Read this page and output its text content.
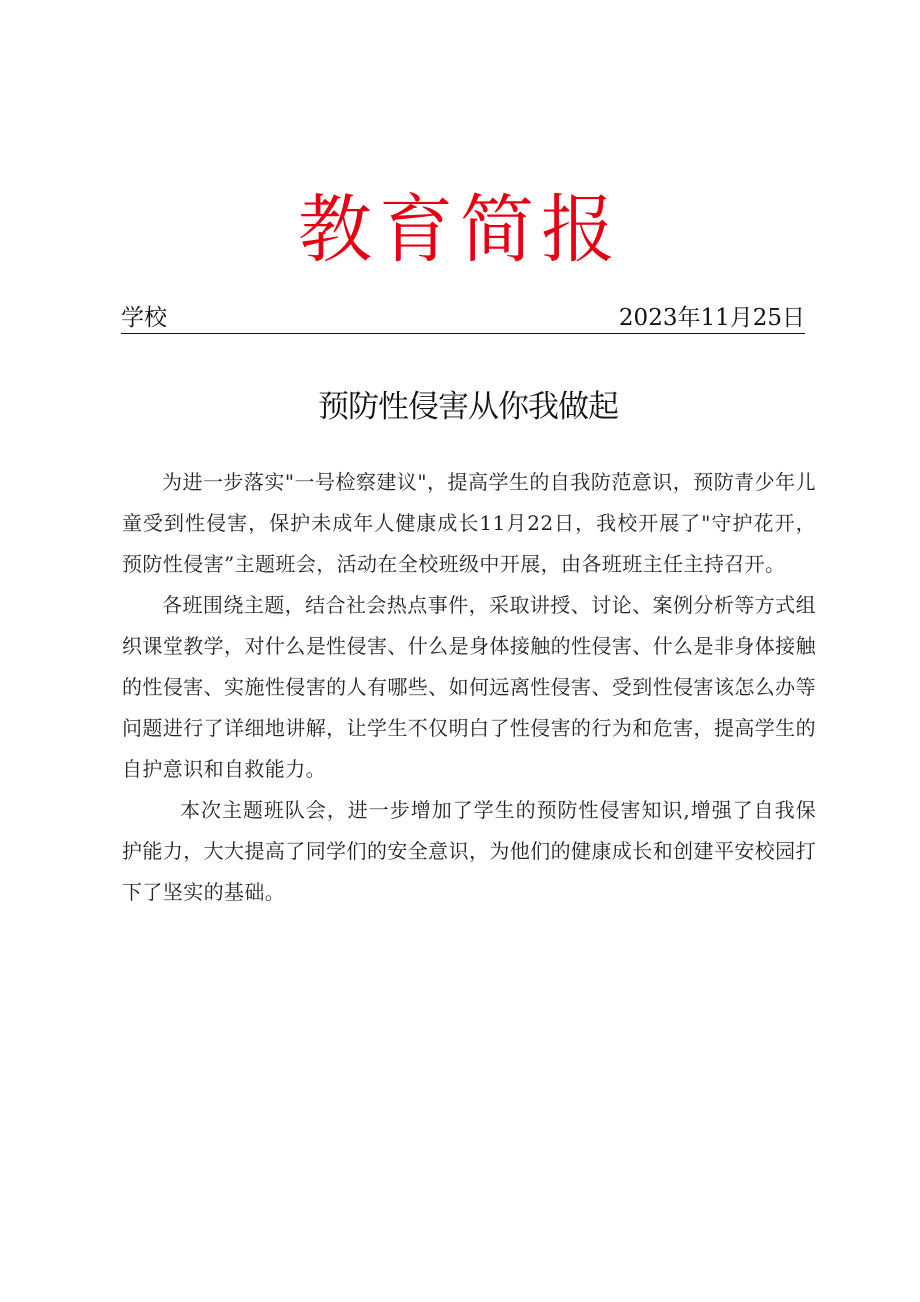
教育简报
学校	2023年11月25日
预防性侵害从你我做起

为进一步落实"一号检察建议"，提高学生的自我防范意识，预防青少年儿童受到性侵害，保护未成年人健康成长11月22日，我校开展了"守护花开，预防性侵害”主题班会，活动在全校班级中开展，由各班班主任主持召开。

各班围绕主题，结合社会热点事件，采取讲授、讨论、案例分析等方式组织课堂教学，对什么是性侵害、什么是身体接触的性侵害、什么是非身体接触的性侵害、实施性侵害的人有哪些、如何远离性侵害、受到性侵害该怎么办等问题进行了详细地讲解，让学生不仅明白了性侵害的行为和危害，提高学生的自护意识和自救能力。

本次主题班队会，进一步增加了学生的预防性侵害知识,增强了自我保护能力，大大提高了同学们的安全意识，为他们的健康成长和创建平安校园打下了坚实的基础。
